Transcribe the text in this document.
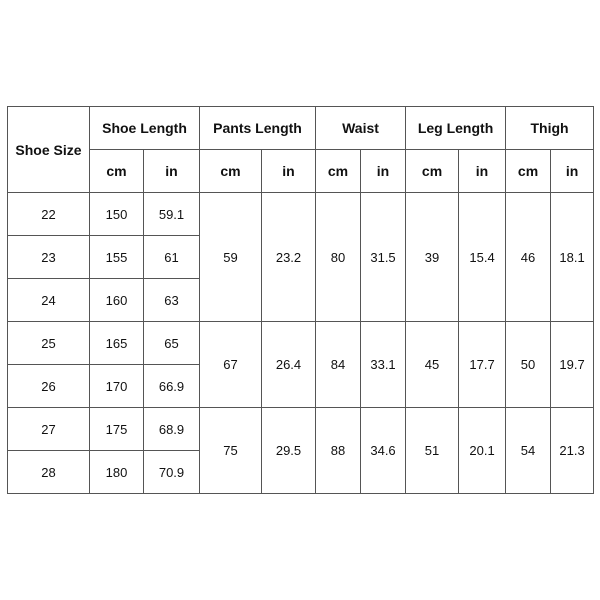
Shoe Size	Shoe Length		Pants Length		Waist		Leg Length		Thigh	
	cm	in	cm	in	cm	in	cm	in	cm	in
22	150	59.1	59	23.2	80	31.5	39	15.4	46	18.1
23	155	61								
24	160	63								
25	165	65	67	26.4	84	33.1	45	17.7	50	19.7
26	170	66.9								
27	175	68.9	75	29.5	88	34.6	51	20.1	54	21.3
28	180	70.9								
